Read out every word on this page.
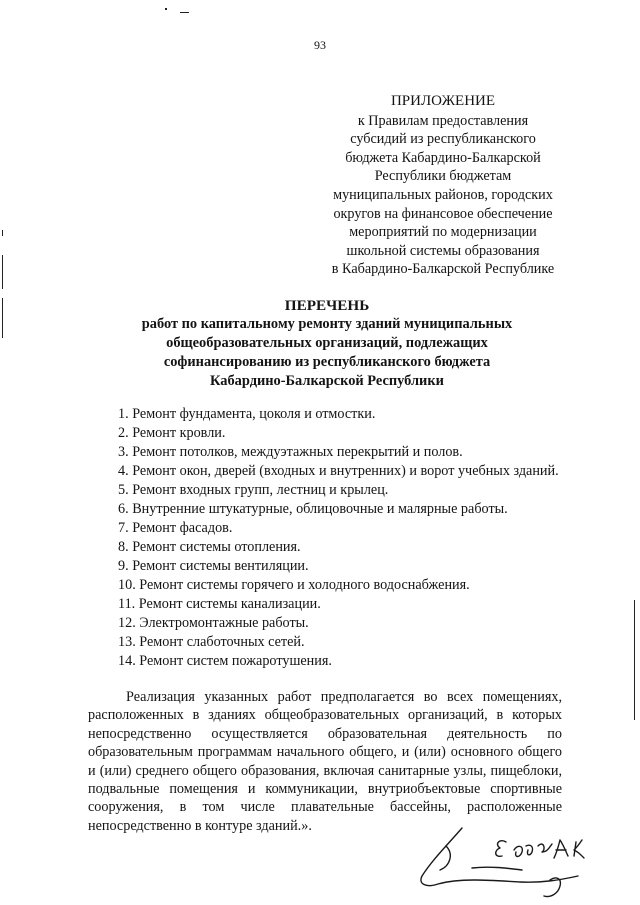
93
ПРИЛОЖЕНИЕ
к Правилам предоставления
субсидий из республиканского
бюджета Кабардино-Балкарской
Республики бюджетам
муниципальных районов, городских
округов на финансовое обеспечение
мероприятий по модернизации
школьной системы образования
в Кабардино-Балкарской Республике
ПЕРЕЧЕНЬ
работ по капитальному ремонту зданий муниципальных
общеобразовательных организаций, подлежащих
софинансированию из республиканского бюджета
Кабардино-Балкарской Республики
1. Ремонт фундамента, цоколя и отмостки.
2. Ремонт кровли.
3. Ремонт потолков, междуэтажных перекрытий и полов.
4. Ремонт окон, дверей (входных и внутренних) и ворот учебных зданий.
5. Ремонт входных групп, лестниц и крылец.
6. Внутренние штукатурные, облицовочные и малярные работы.
7. Ремонт фасадов.
8. Ремонт системы отопления.
9. Ремонт системы вентиляции.
10. Ремонт системы горячего и холодного водоснабжения.
11. Ремонт системы канализации.
12. Электромонтажные работы.
13. Ремонт слаботочных сетей.
14. Ремонт систем пожаротушения.
Реализация указанных работ предполагается во всех помещениях, расположенных в зданиях общеобразовательных организаций, в которых непосредственно осуществляется образовательная деятельность по образовательным программам начального общего, и (или) основного общего и (или) среднего общего образования, включая санитарные узлы, пищеблоки, подвальные помещения и коммуникации, внутриобъектовые спортивные сооружения, в том числе плавательные бассейны, расположенные непосредственно в контуре зданий.».
